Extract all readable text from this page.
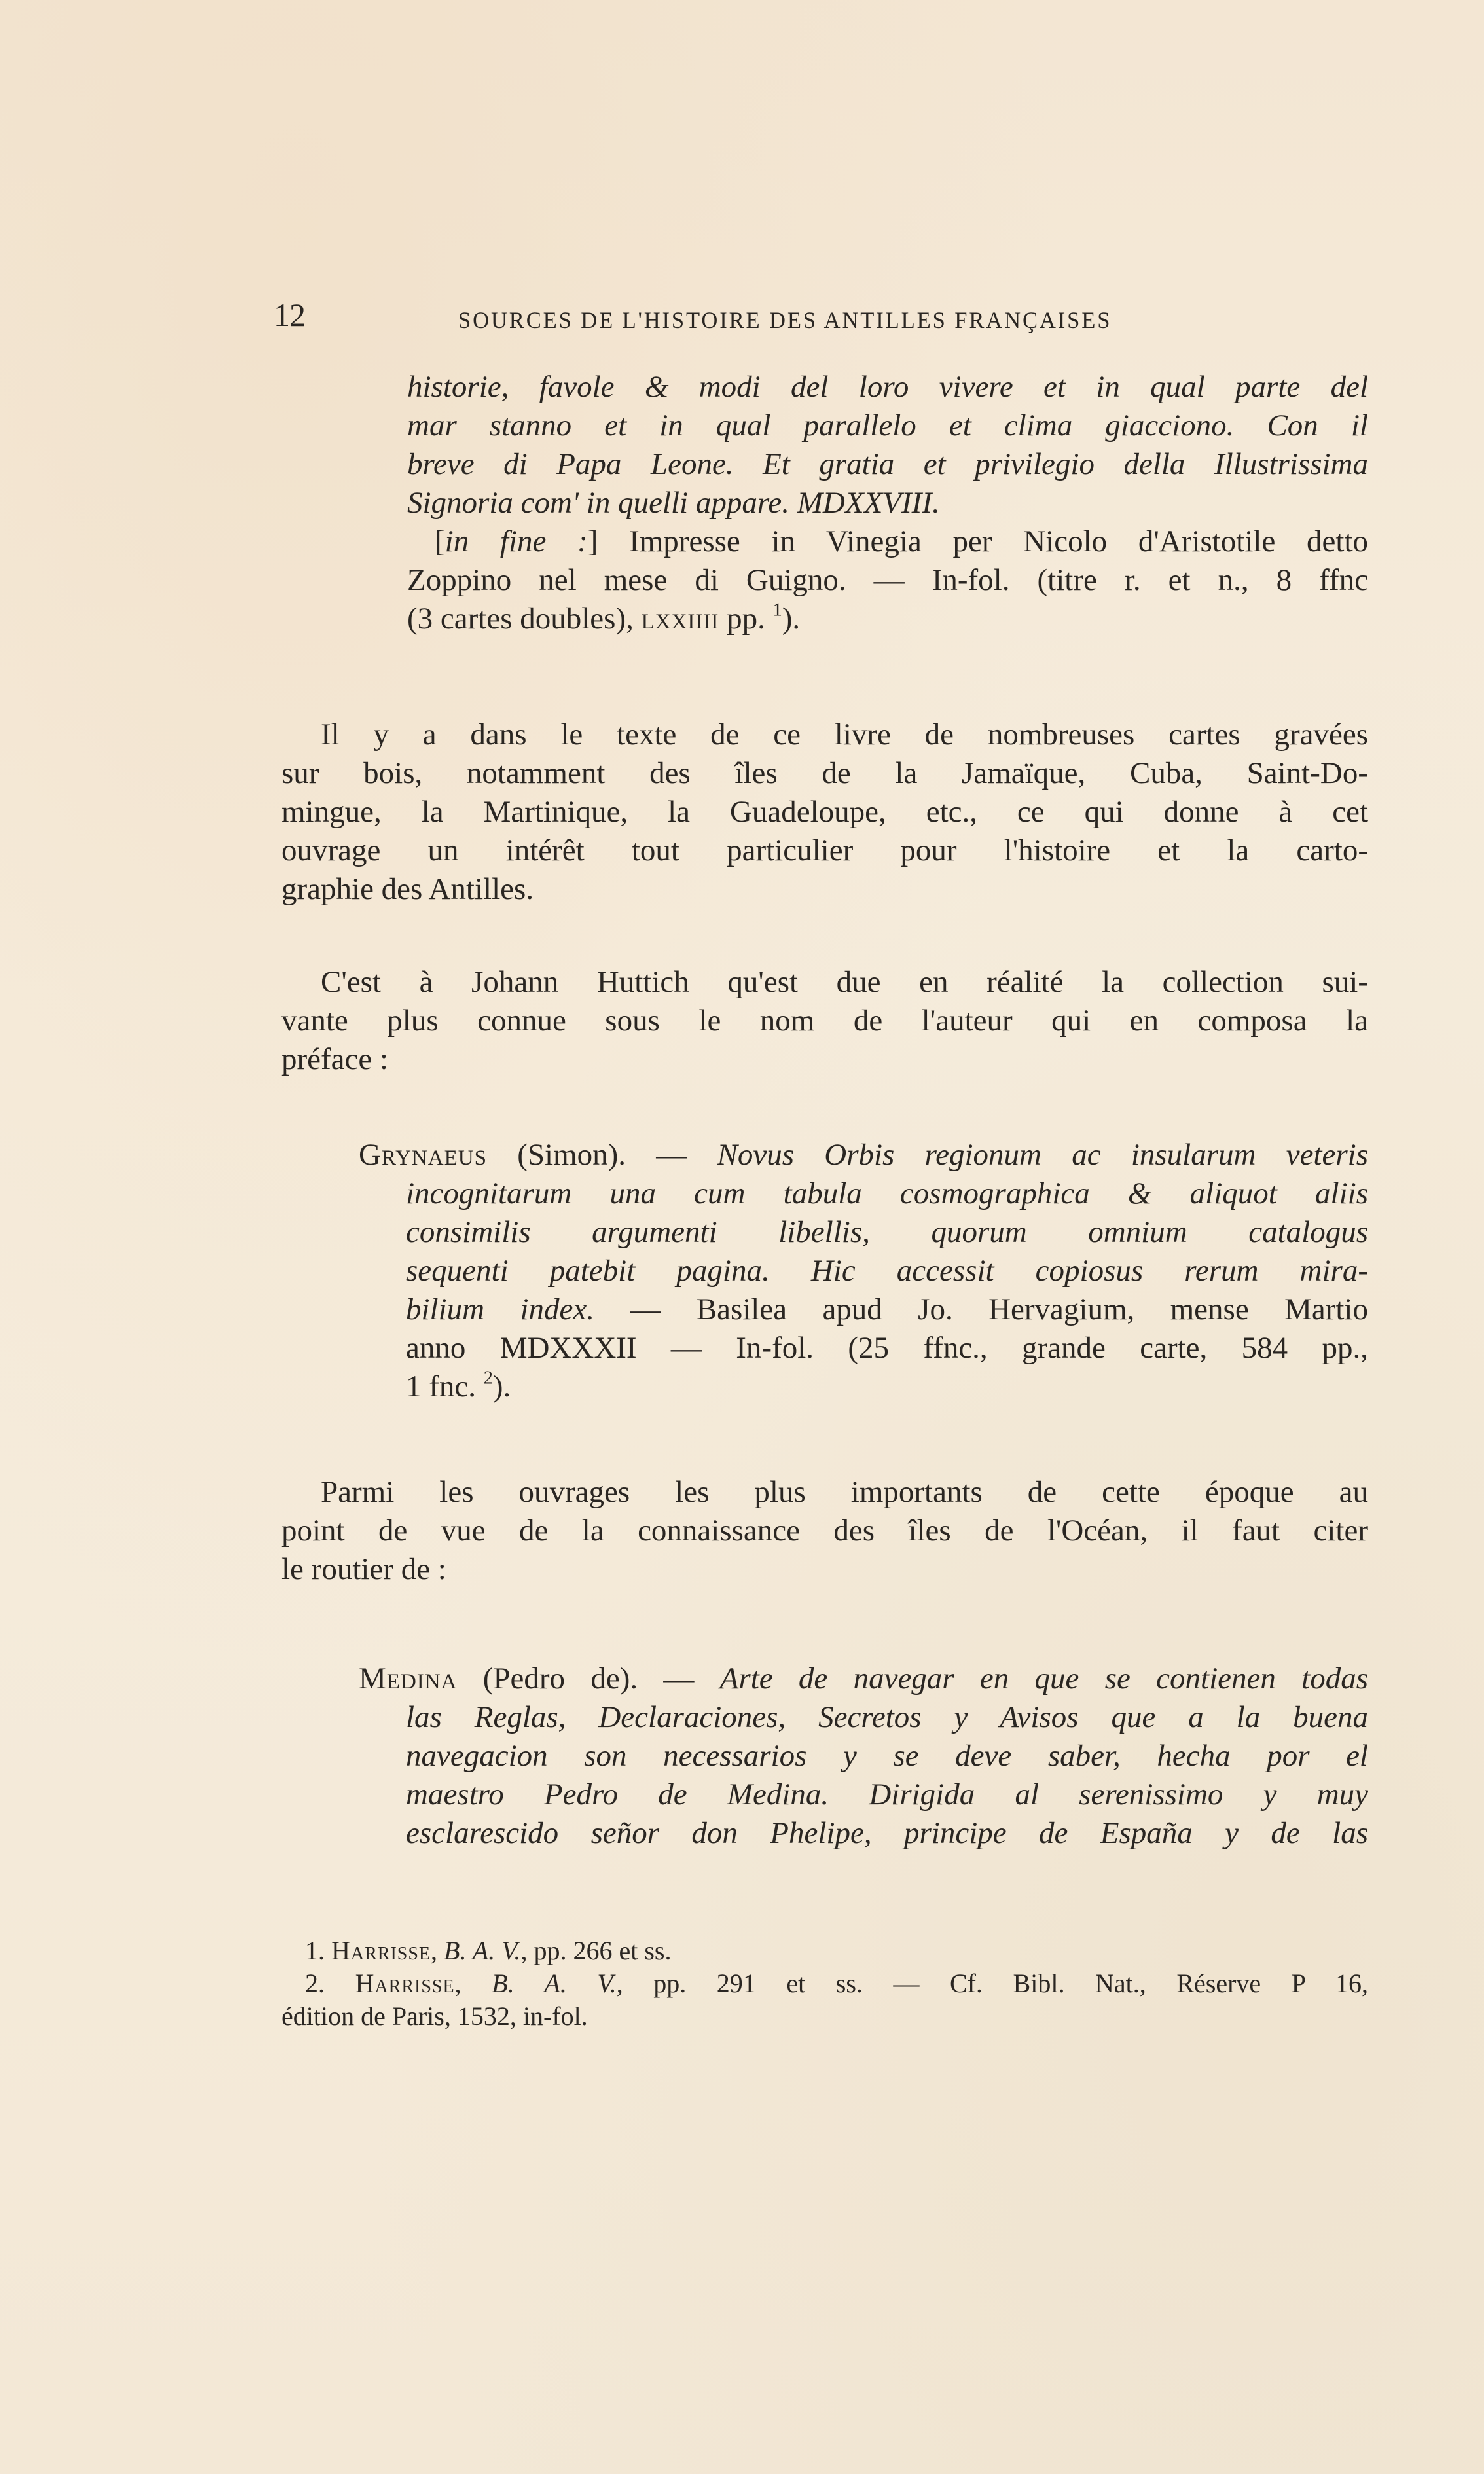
12	SOURCES DE L'HISTOIRE DES ANTILLES FRANÇAISES
historie, favole & modi del loro vivere et in qual parte del
mar stanno et in qual parallelo et clima giacciono. Con il
breve di Papa Leone. Et gratia et privilegio della Illustrissima
Signoria com' in quelli appare. MDXXVIII.
[in fine :] Impresse in Vinegia per Nicolo d'Aristotile detto
Zoppino nel mese di Guigno. — In-fol. (titre r. et n., 8 ffnc
(3 cartes doubles), lxxiiii pp. $^1$).
Il y a dans le texte de ce livre de nombreuses cartes gravées
sur bois, notamment des îles de la Jamaïque, Cuba, Saint-Do-
mingue, la Martinique, la Guadeloupe, etc., ce qui donne à cet
ouvrage un intérêt tout particulier pour l'histoire et la carto-
graphie des Antilles.
C'est à Johann Huttich qu'est due en réalité la collection sui-
vante plus connue sous le nom de l'auteur qui en composa la
préface :
Grynaeus (Simon). — Novus Orbis regionum ac insularum veteris
incognitarum una cum tabula cosmographica & aliquot aliis
consimilis argumenti libellis, quorum omnium catalogus
sequenti patebit pagina. Hic accessit copiosus rerum mira-
bilium index. — Basilea apud Jo. Hervagium, mense Martio
anno MDXXXII — In-fol. (25 ffnc., grande carte, 584 pp.,
1 fnc. $^2$).
Parmi les ouvrages les plus importants de cette époque au
point de vue de la connaissance des îles de l'Océan, il faut citer
le routier de :
Medina (Pedro de). — Arte de navegar en que se contienen todas
las Reglas, Declaraciones, Secretos y Avisos que a la buena
navegacion son necessarios y se deve saber, hecha por el
maestro Pedro de Medina. Dirigida al serenissimo y muy
esclarescido señor don Phelipe, principe de España y de las
1. Harrisse, B. A. V., pp. 266 et ss.
2. Harrisse, B. A. V., pp. 291 et ss. — Cf. Bibl. Nat., Réserve P 16,
édition de Paris, 1532, in-fol.
